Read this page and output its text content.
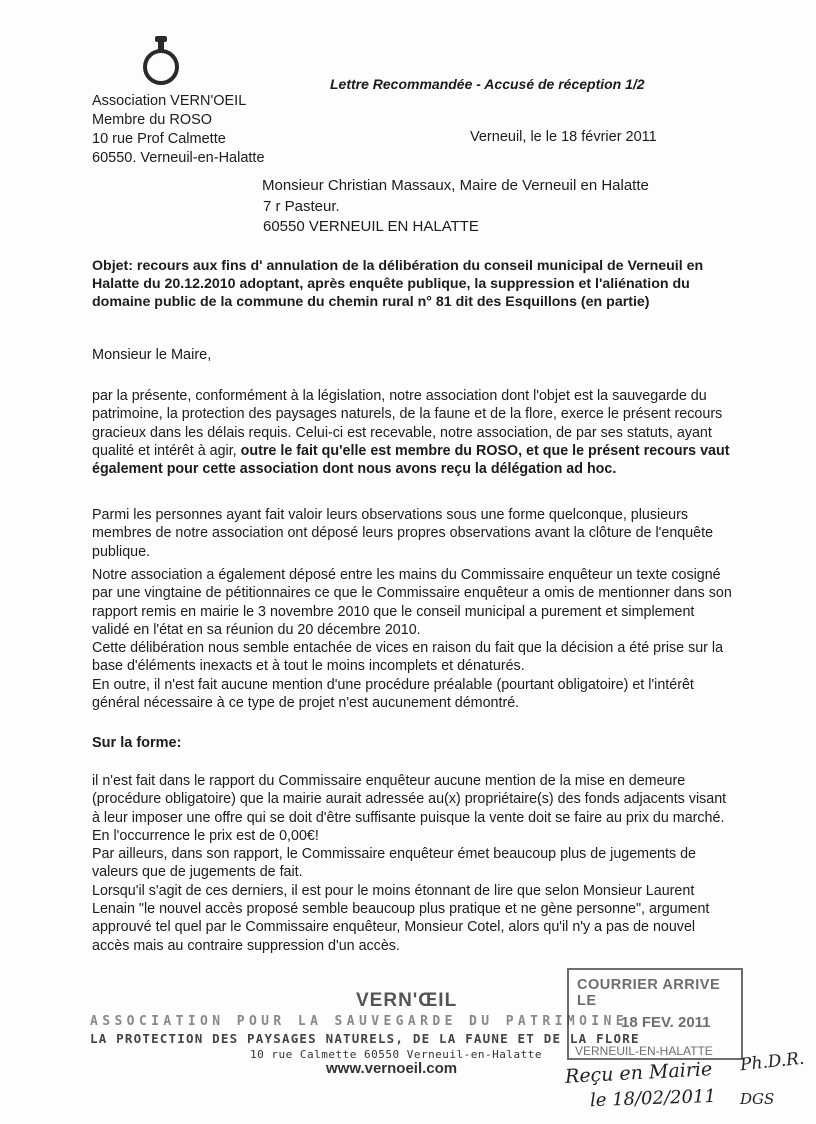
Lettre Recommandée - Accusé de réception 1/2
Association VERN'OEIL
Membre du ROSO
10 rue Prof Calmette
60550. Verneuil-en-Halatte
Verneuil, le le 18 février 2011
Monsieur Christian Massaux, Maire de Verneuil en Halatte
7 r Pasteur.
60550 VERNEUIL EN HALATTE
Objet: recours aux fins d' annulation de la délibération du conseil municipal de Verneuil en Halatte du 20.12.2010 adoptant, après enquête publique, la suppression et l'aliénation du domaine public de la commune du chemin rural n° 81 dit des Esquillons (en partie)
Monsieur le Maire,
par la présente, conformément à la législation, notre association dont l'objet est la sauvegarde du patrimoine, la protection des paysages naturels, de la faune et de la flore, exerce le présent recours gracieux dans les délais requis. Celui-ci est recevable, notre association, de par ses statuts, ayant qualité et intérêt à agir, outre le fait qu'elle est membre du ROSO, et que le présent recours vaut également pour cette association dont nous avons reçu la délégation ad hoc.
Parmi les personnes ayant fait valoir leurs observations sous une forme quelconque, plusieurs membres de notre association ont déposé leurs propres observations avant la clôture de l'enquête publique.

Notre association a également déposé entre les mains du Commissaire enquêteur un texte cosigné par une vingtaine de pétitionnaires ce que le Commissaire enquêteur a omis de mentionner dans son rapport remis en mairie le 3 novembre 2010 que le conseil municipal a purement et simplement validé en l'état en sa réunion du 20 décembre 2010.

Cette délibération nous semble entachée de vices en raison du fait que la décision a été prise sur la base d'éléments inexacts et à tout le moins incomplets et dénaturés.

En outre, il n'est fait aucune mention d'une procédure préalable (pourtant obligatoire) et l'intérêt général nécessaire à ce type de projet n'est aucunement démontré.

Sur la forme:

il n'est fait dans le rapport du Commissaire enquêteur aucune mention de la mise en demeure (procédure obligatoire) que la mairie aurait adressée au(x) propriétaire(s) des fonds adjacents visant à leur imposer une offre qui se doit d'être suffisante puisque la vente doit se faire au prix du marché.

En l'occurrence le prix est de 0,00€!

Par ailleurs, dans son rapport, le Commissaire enquêteur émet beaucoup plus de jugements de valeurs que de jugements de fait.

Lorsqu'il s'agit de ces derniers, il est pour le moins étonnant de lire que selon Monsieur Laurent Lenain "le nouvel accès proposé semble beaucoup plus pratique et ne gène personne", argument approuvé tel quel par le Commissaire enquêteur, Monsieur Cotel, alors qu'il n'y a pas de nouvel accès mais au contraire suppression d'un accès.

VERN'ŒIL
ASSOCIATION POUR LA SAUVEGARDE DU PATRIMOINE
LA PROTECTION DES PAYSAGES NATURELS, DE LA FAUNE ET DE LA FLORE
10 rue Calmette 60550 Verneuil-en-Halatte
www.vernoeil.com
COURRIER ARRIVE LE
18 FEV. 2011
VERNEUIL-EN-HALATTE
Reçu en Mairie Ph.D.R.
le 18/02/2011 DGS
